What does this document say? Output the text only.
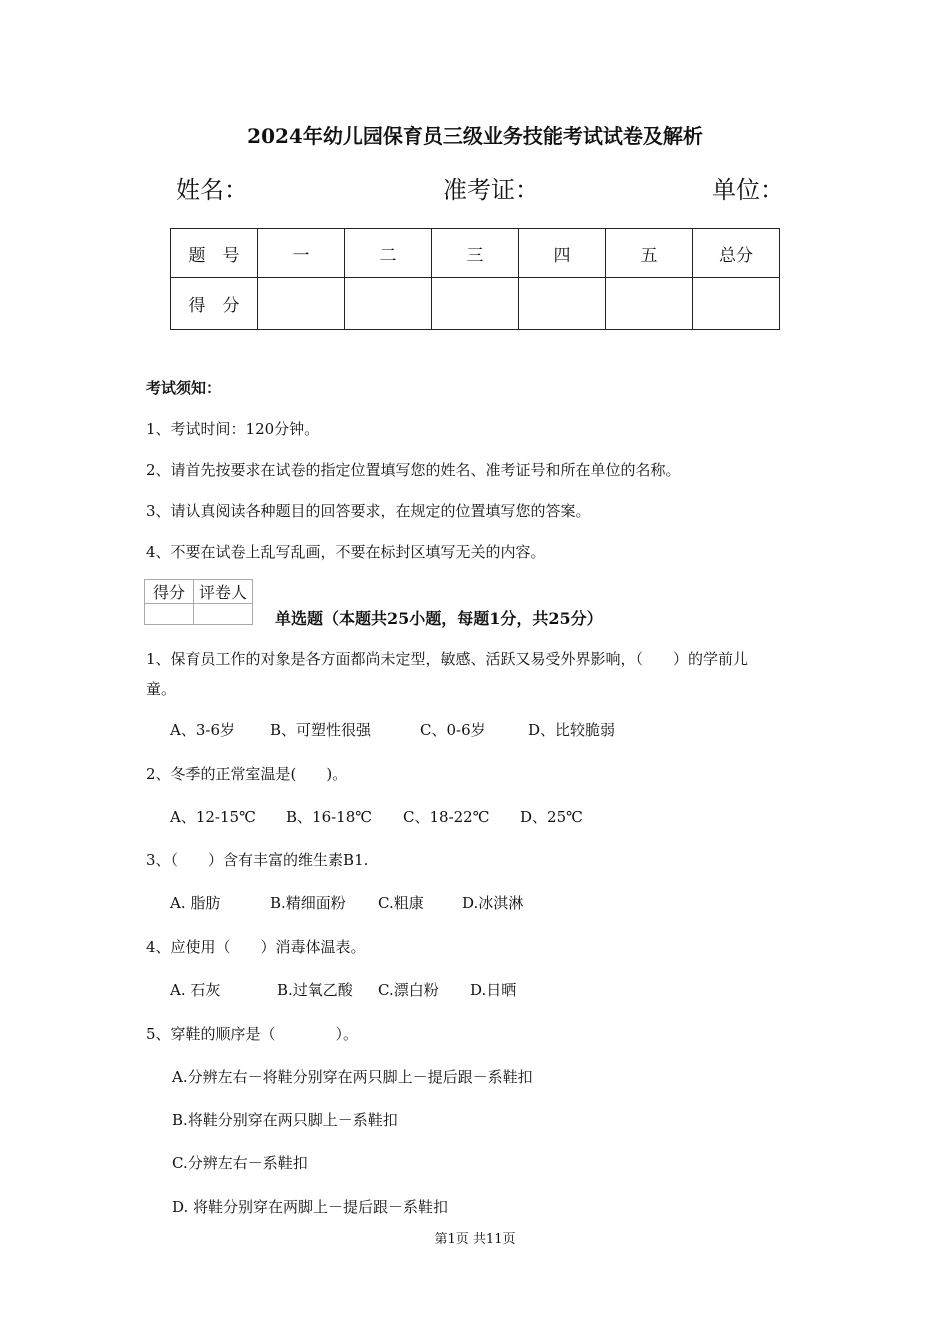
2024年幼儿园保育员三级业务技能考试试卷及解析
姓名：	准考证：	单位：
题　号	一	二	三	四	五	总分
得　分						
考试须知：
1、考试时间：120分钟。
2、请首先按要求在试卷的指定位置填写您的姓名、准考证号和所在单位的名称。
3、请认真阅读各种题目的回答要求，在规定的位置填写您的答案。
4、不要在试卷上乱写乱画，不要在标封区填写无关的内容。
得分	评卷人

单选题（本题共25小题，每题1分，共25分）
1、保育员工作的对象是各方面都尚未定型，敏感、活跃又易受外界影响，（　　）的学前儿
童。
A、3-6岁 B、可塑性很强	C、0-6岁	D、比较脆弱
2、冬季的正常室温是(　　)。
A、12-15℃ B、16-18℃ C、18-22℃ D、25℃
3、（　　）含有丰富的维生素B1.
A. 脂肪	B.精细面粉 C.粗康	D.冰淇淋
4、应使用（　　）消毒体温表。
A. 石灰	B.过氧乙酸 C.漂白粉 D.日晒
5、穿鞋的顺序是（　　　　）。
A.分辨左右－将鞋分别穿在两只脚上－提后跟－系鞋扣
B.将鞋分别穿在两只脚上－系鞋扣
C.分辨左右－系鞋扣
D. 将鞋分别穿在两脚上－提后跟－系鞋扣
第1页 共11页
